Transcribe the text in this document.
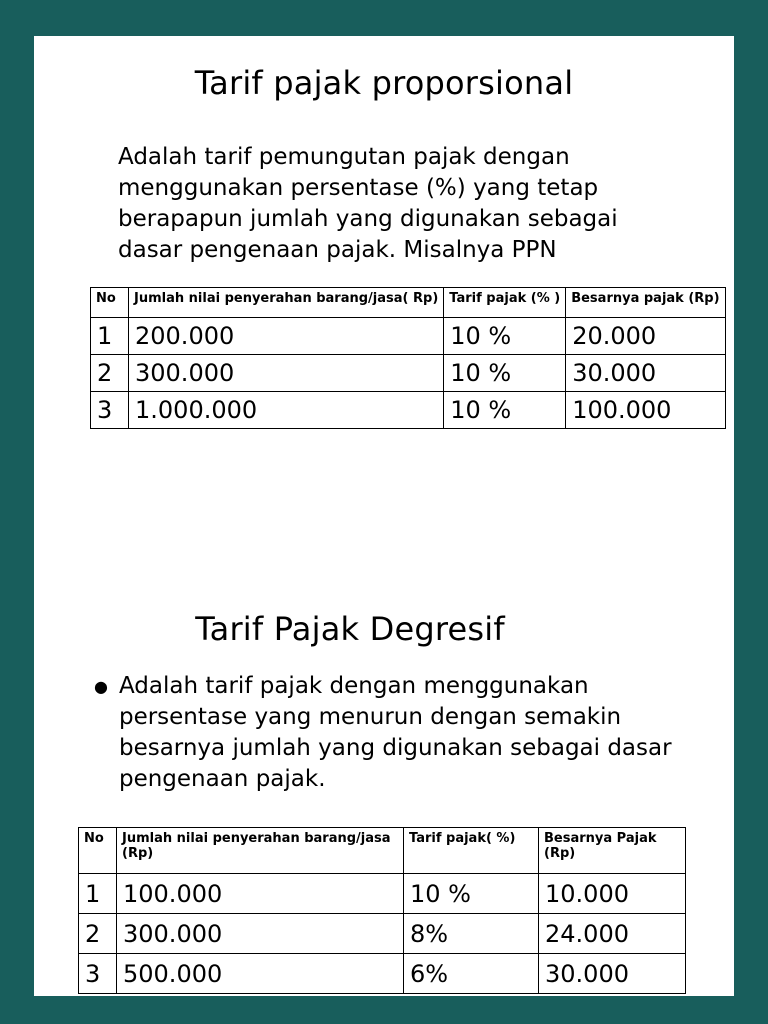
Tarif pajak proporsional
Adalah tarif pemungutan pajak dengan menggunakan persentase (%) yang tetap berapapun jumlah yang digunakan sebagai dasar pengenaan pajak. Misalnya PPN
No	Jumlah nilai penyerahan barang/jasa( Rp)	Tarif pajak (% )	Besarnya pajak (Rp)
1	200.000	10 %	20.000
2	300.000	10 %	30.000
3	1.000.000	10 %	100.000
Tarif Pajak Degresif
● Adalah tarif pajak dengan menggunakan persentase yang menurun dengan semakin besarnya jumlah yang digunakan sebagai dasar pengenaan pajak.
No	Jumlah nilai penyerahan barang/jasa (Rp)	Tarif pajak( %)	Besarnya Pajak (Rp)
1	100.000	10 %	10.000
2	300.000	8%	24.000
3	500.000	6%	30.000
